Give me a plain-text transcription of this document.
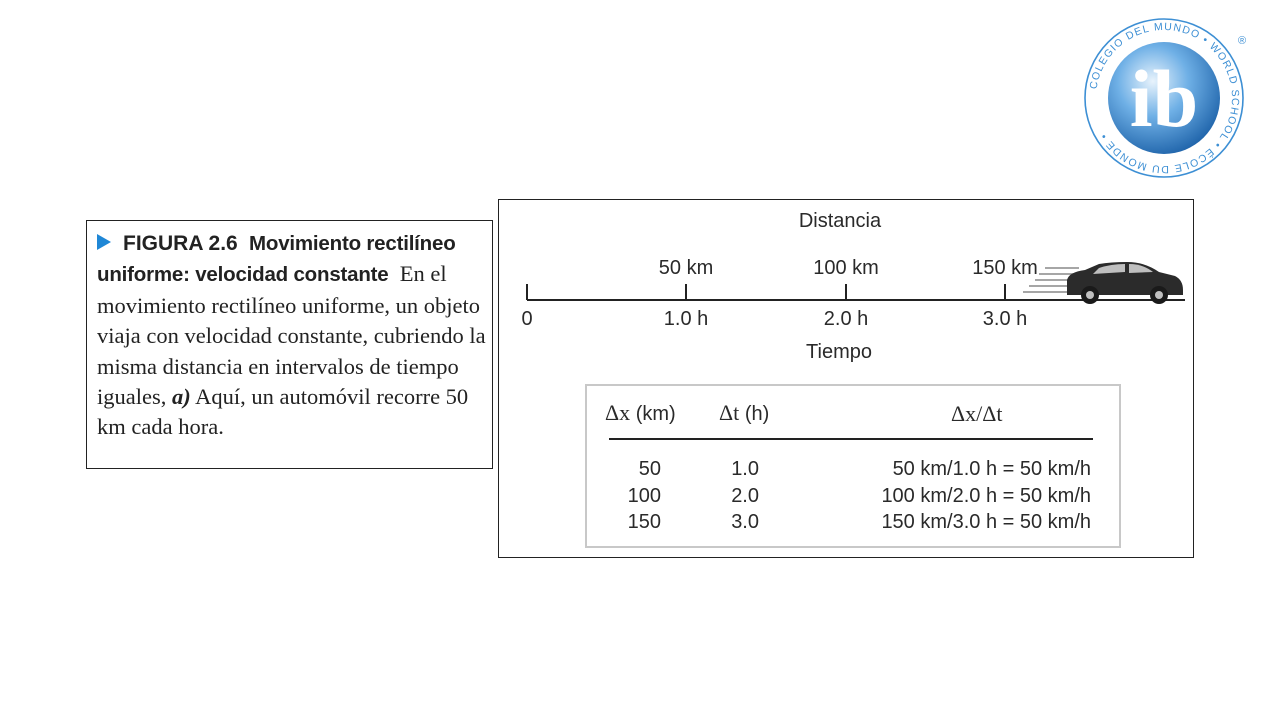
COLEGIO DEL MUNDO • WORLD SCHOOL • ÉCOLE DU MONDE • ib
®
FIGURA 2.6 Movimiento rectilíneo uniforme: velocidad constante En el movimiento rectilíneo uniforme, un objeto viaja con velocidad constante, cubriendo la misma distancia en intervalos de tiempo iguales, a) Aquí, un automóvil recorre 50 km cada hora.
Distancia
50 km	100 km	150 km
0	1.0 h	2.0 h	3.0 h
Tiempo
Δx (km) Δt (h)	Δx/Δt
50	1.0	50 km/1.0 h = 50 km/h
100	2.0	100 km/2.0 h = 50 km/h
150	3.0	150 km/3.0 h = 50 km/h
